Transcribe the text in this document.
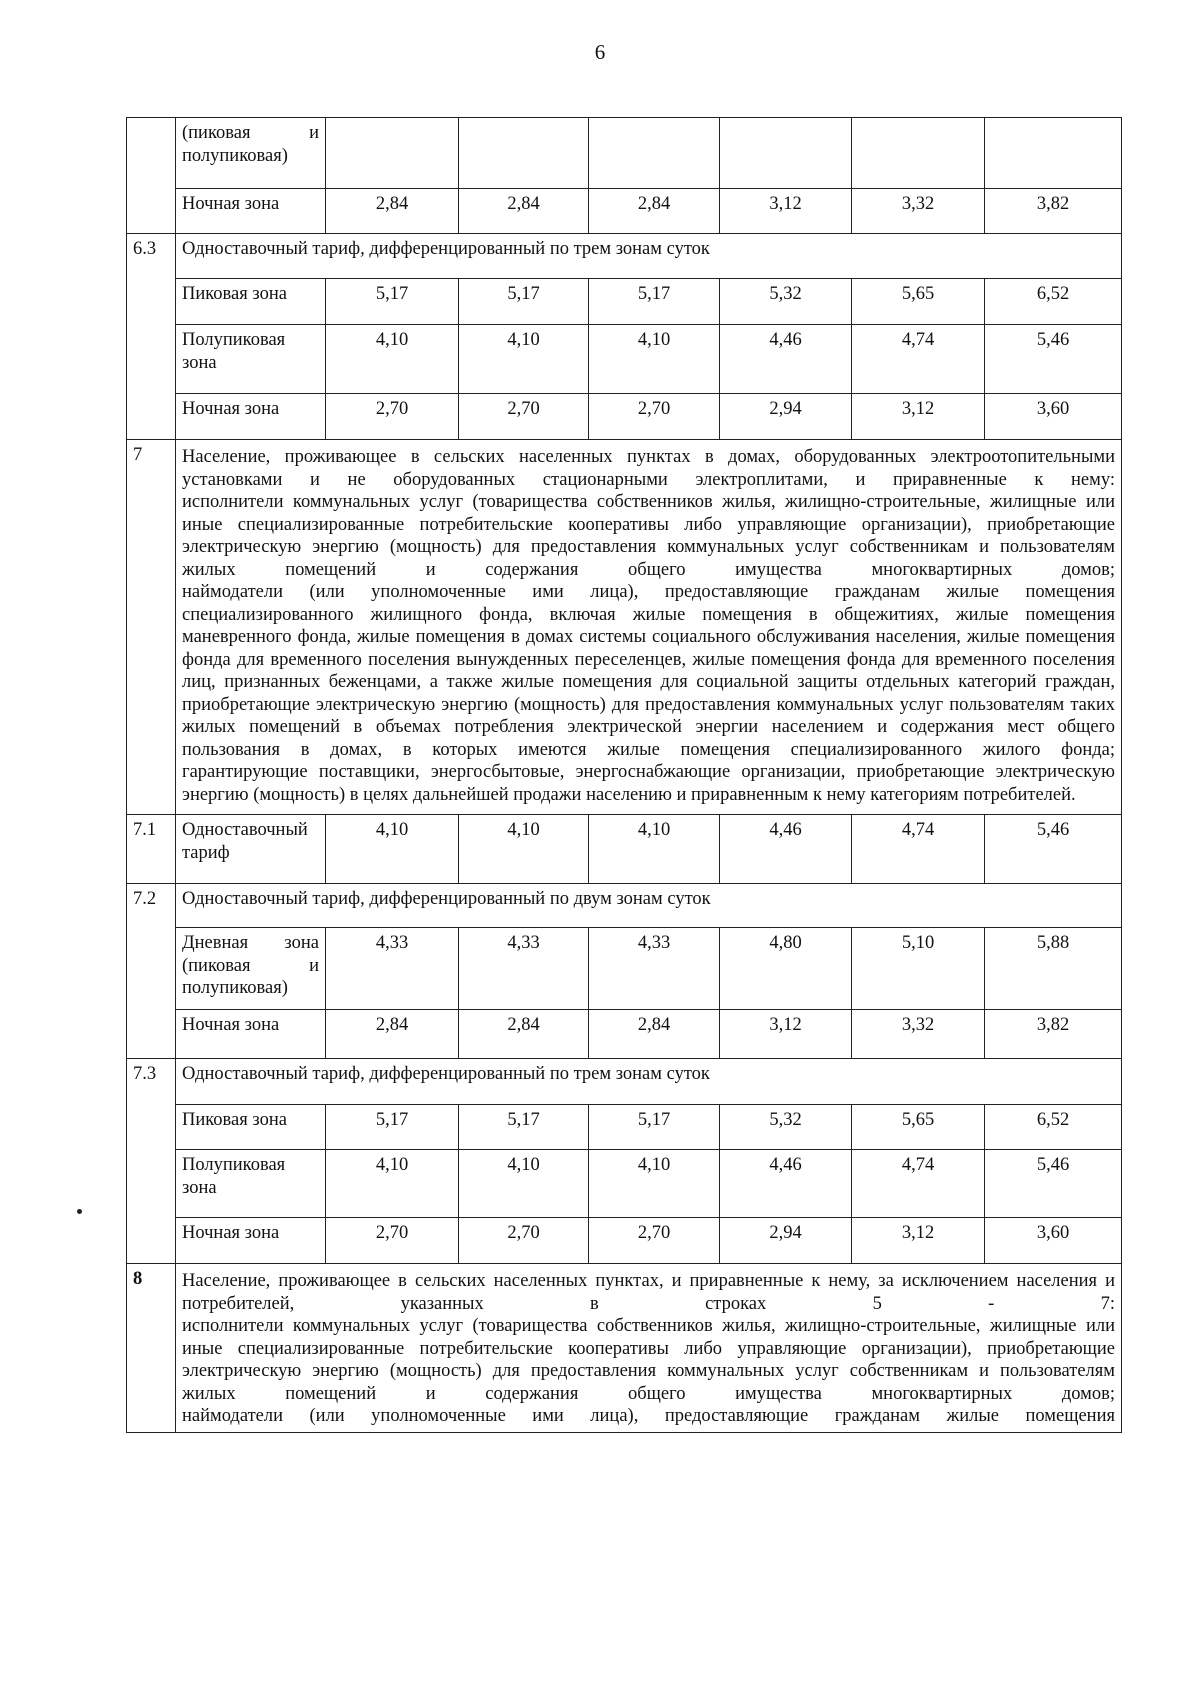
6
	(пиковая и полупиковая)						
	Ночная зона	2,84	2,84	2,84	3,12	3,32	3,82
6.3	Одноставочный тариф, дифференцированный по трем зонам суток						
	Пиковая зона	5,17	5,17	5,17	5,32	5,65	6,52
	Полупиковая зона	4,10	4,10	4,10	4,46	4,74	5,46
	Ночная зона	2,70	2,70	2,70	2,94	3,12	3,60
7	Население, проживающее в сельских населенных пунктах в домах, оборудованных электроотопительными установками и не оборудованных стационарными электроплитами, и приравненные к нему:

исполнители коммунальных услуг (товарищества собственников жилья, жилищно-строительные, жилищные или иные специализированные потребительские кооперативы либо управляющие организации), приобретающие электрическую энергию (мощность) для предоставления коммунальных услуг собственникам и пользователям жилых помещений и содержания общего имущества многоквартирных домов;

наймодатели (или уполномоченные ими лица), предоставляющие гражданам жилые помещения специализированного жилищного фонда, включая жилые помещения в общежитиях, жилые помещения маневренного фонда, жилые помещения в домах системы социального обслуживания населения, жилые помещения фонда для временного поселения вынужденных переселенцев, жилые помещения фонда для временного поселения лиц, признанных беженцами, а также жилые помещения для социальной защиты отдельных категорий граждан, приобретающие электрическую энергию (мощность) для предоставления коммунальных услуг пользователям таких жилых помещений в объемах потребления электрической энергии населением и содержания мест общего пользования в домах, в которых имеются жилые помещения специализированного жилого фонда;

гарантирующие поставщики, энергосбытовые, энергоснабжающие организации, приобретающие электрическую энергию (мощность) в целях дальнейшей продажи населению и приравненным к нему категориям потребителей.						

7.1	Одноставочный тариф	4,10	4,10	4,10	4,46	4,74	5,46
7.2	Одноставочный тариф, дифференцированный по двум зонам суток						
	Дневная зона (пиковая и полупиковая)	4,33	4,33	4,33	4,80	5,10	5,88
	Ночная зона	2,84	2,84	2,84	3,12	3,32	3,82
7.3	Одноставочный тариф, дифференцированный по трем зонам суток						
	Пиковая зона	5,17	5,17	5,17	5,32	5,65	6,52
	Полупиковая зона	4,10	4,10	4,10	4,46	4,74	5,46
	Ночная зона	2,70	2,70	2,70	2,94	3,12	3,60
8	Население, проживающее в сельских населенных пунктах, и приравненные к нему, за исключением населения и потребителей, указанных в строках 5 - 7:

исполнители коммунальных услуг (товарищества собственников жилья, жилищно-строительные, жилищные или иные специализированные потребительские кооперативы либо управляющие организации), приобретающие электрическую энергию (мощность) для предоставления коммунальных услуг собственникам и пользователям жилых помещений и содержания общего имущества многоквартирных домов;

наймодатели (или уполномоченные ими лица), предоставляющие гражданам жилые помещения						
